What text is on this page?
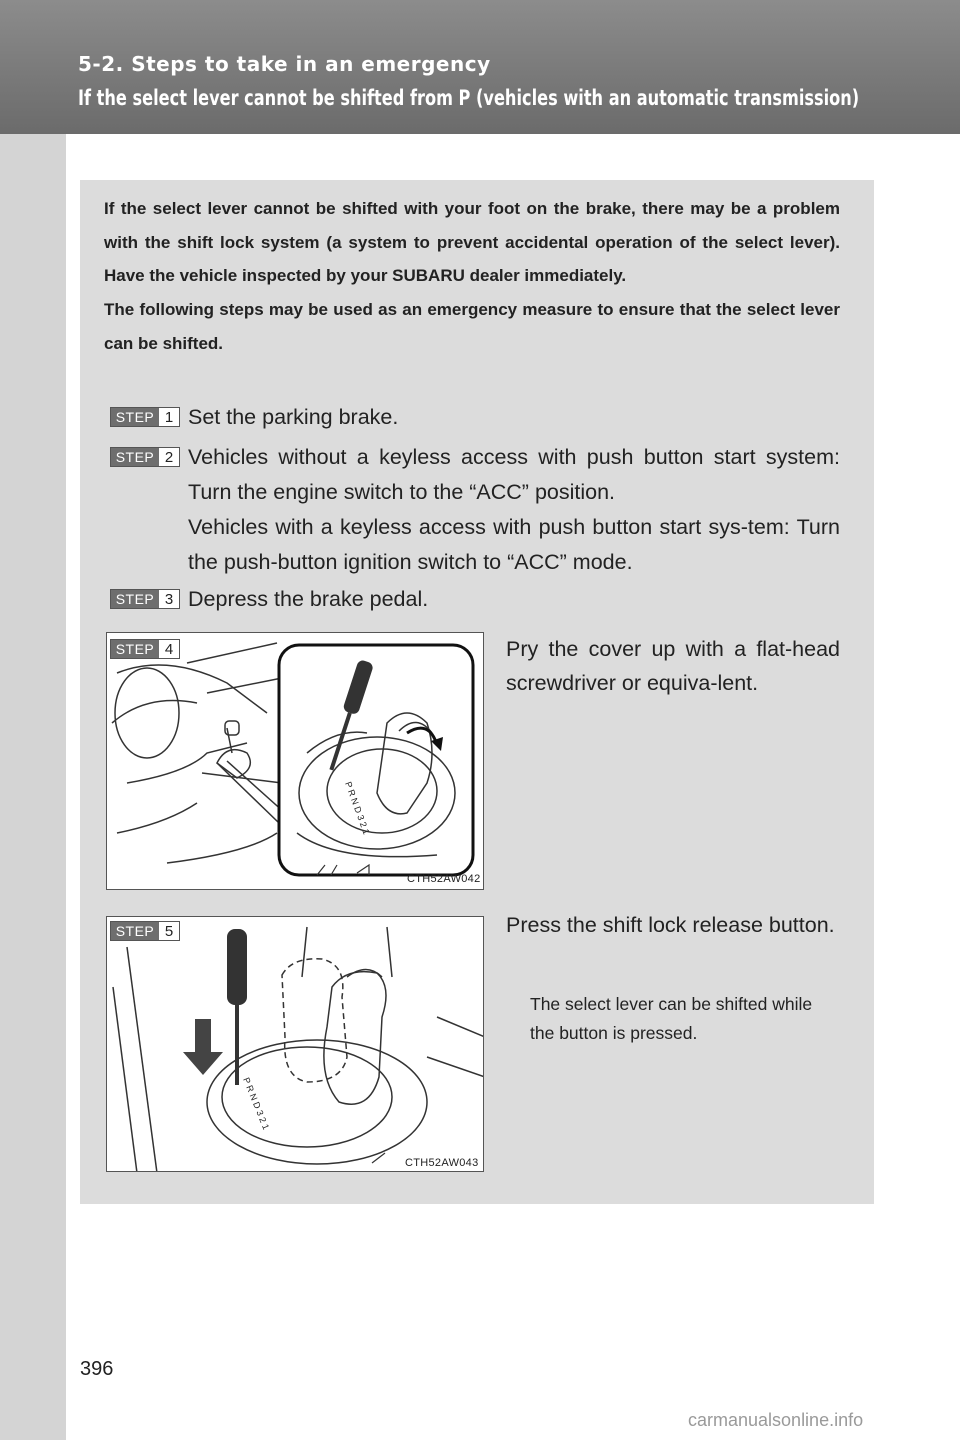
5-2. Steps to take in an emergency
If the select lever cannot be shifted from P (vehicles with an automatic transmission)

If the select lever cannot be shifted with your foot on the brake, there may be a problem with the shift lock system (a system to prevent accidental operation of the select lever). Have the vehicle inspected by your SUBARU dealer immediately.

The following steps may be used as an emergency measure to ensure that the select lever can be shifted.

STEP 1 Set the parking brake.
STEP 2 Vehicles without a keyless access with push button start system: Turn the engine switch to the “ACC” position.
Vehicles with a keyless access with push button start sys-tem: Turn the push-button ignition switch to “ACC” mode.
STEP 3 Depress the brake pedal.
P R N D 3 2 1
CTH52AW042
STEP 4	Pry the cover up with a flat-head screwdriver or equiva-lent.
P R N D 3 2 1
CTH52AW043
STEP 5	Press the shift lock release button.
The select lever can be shifted while the button is pressed.
396
carmanualsonline.info
